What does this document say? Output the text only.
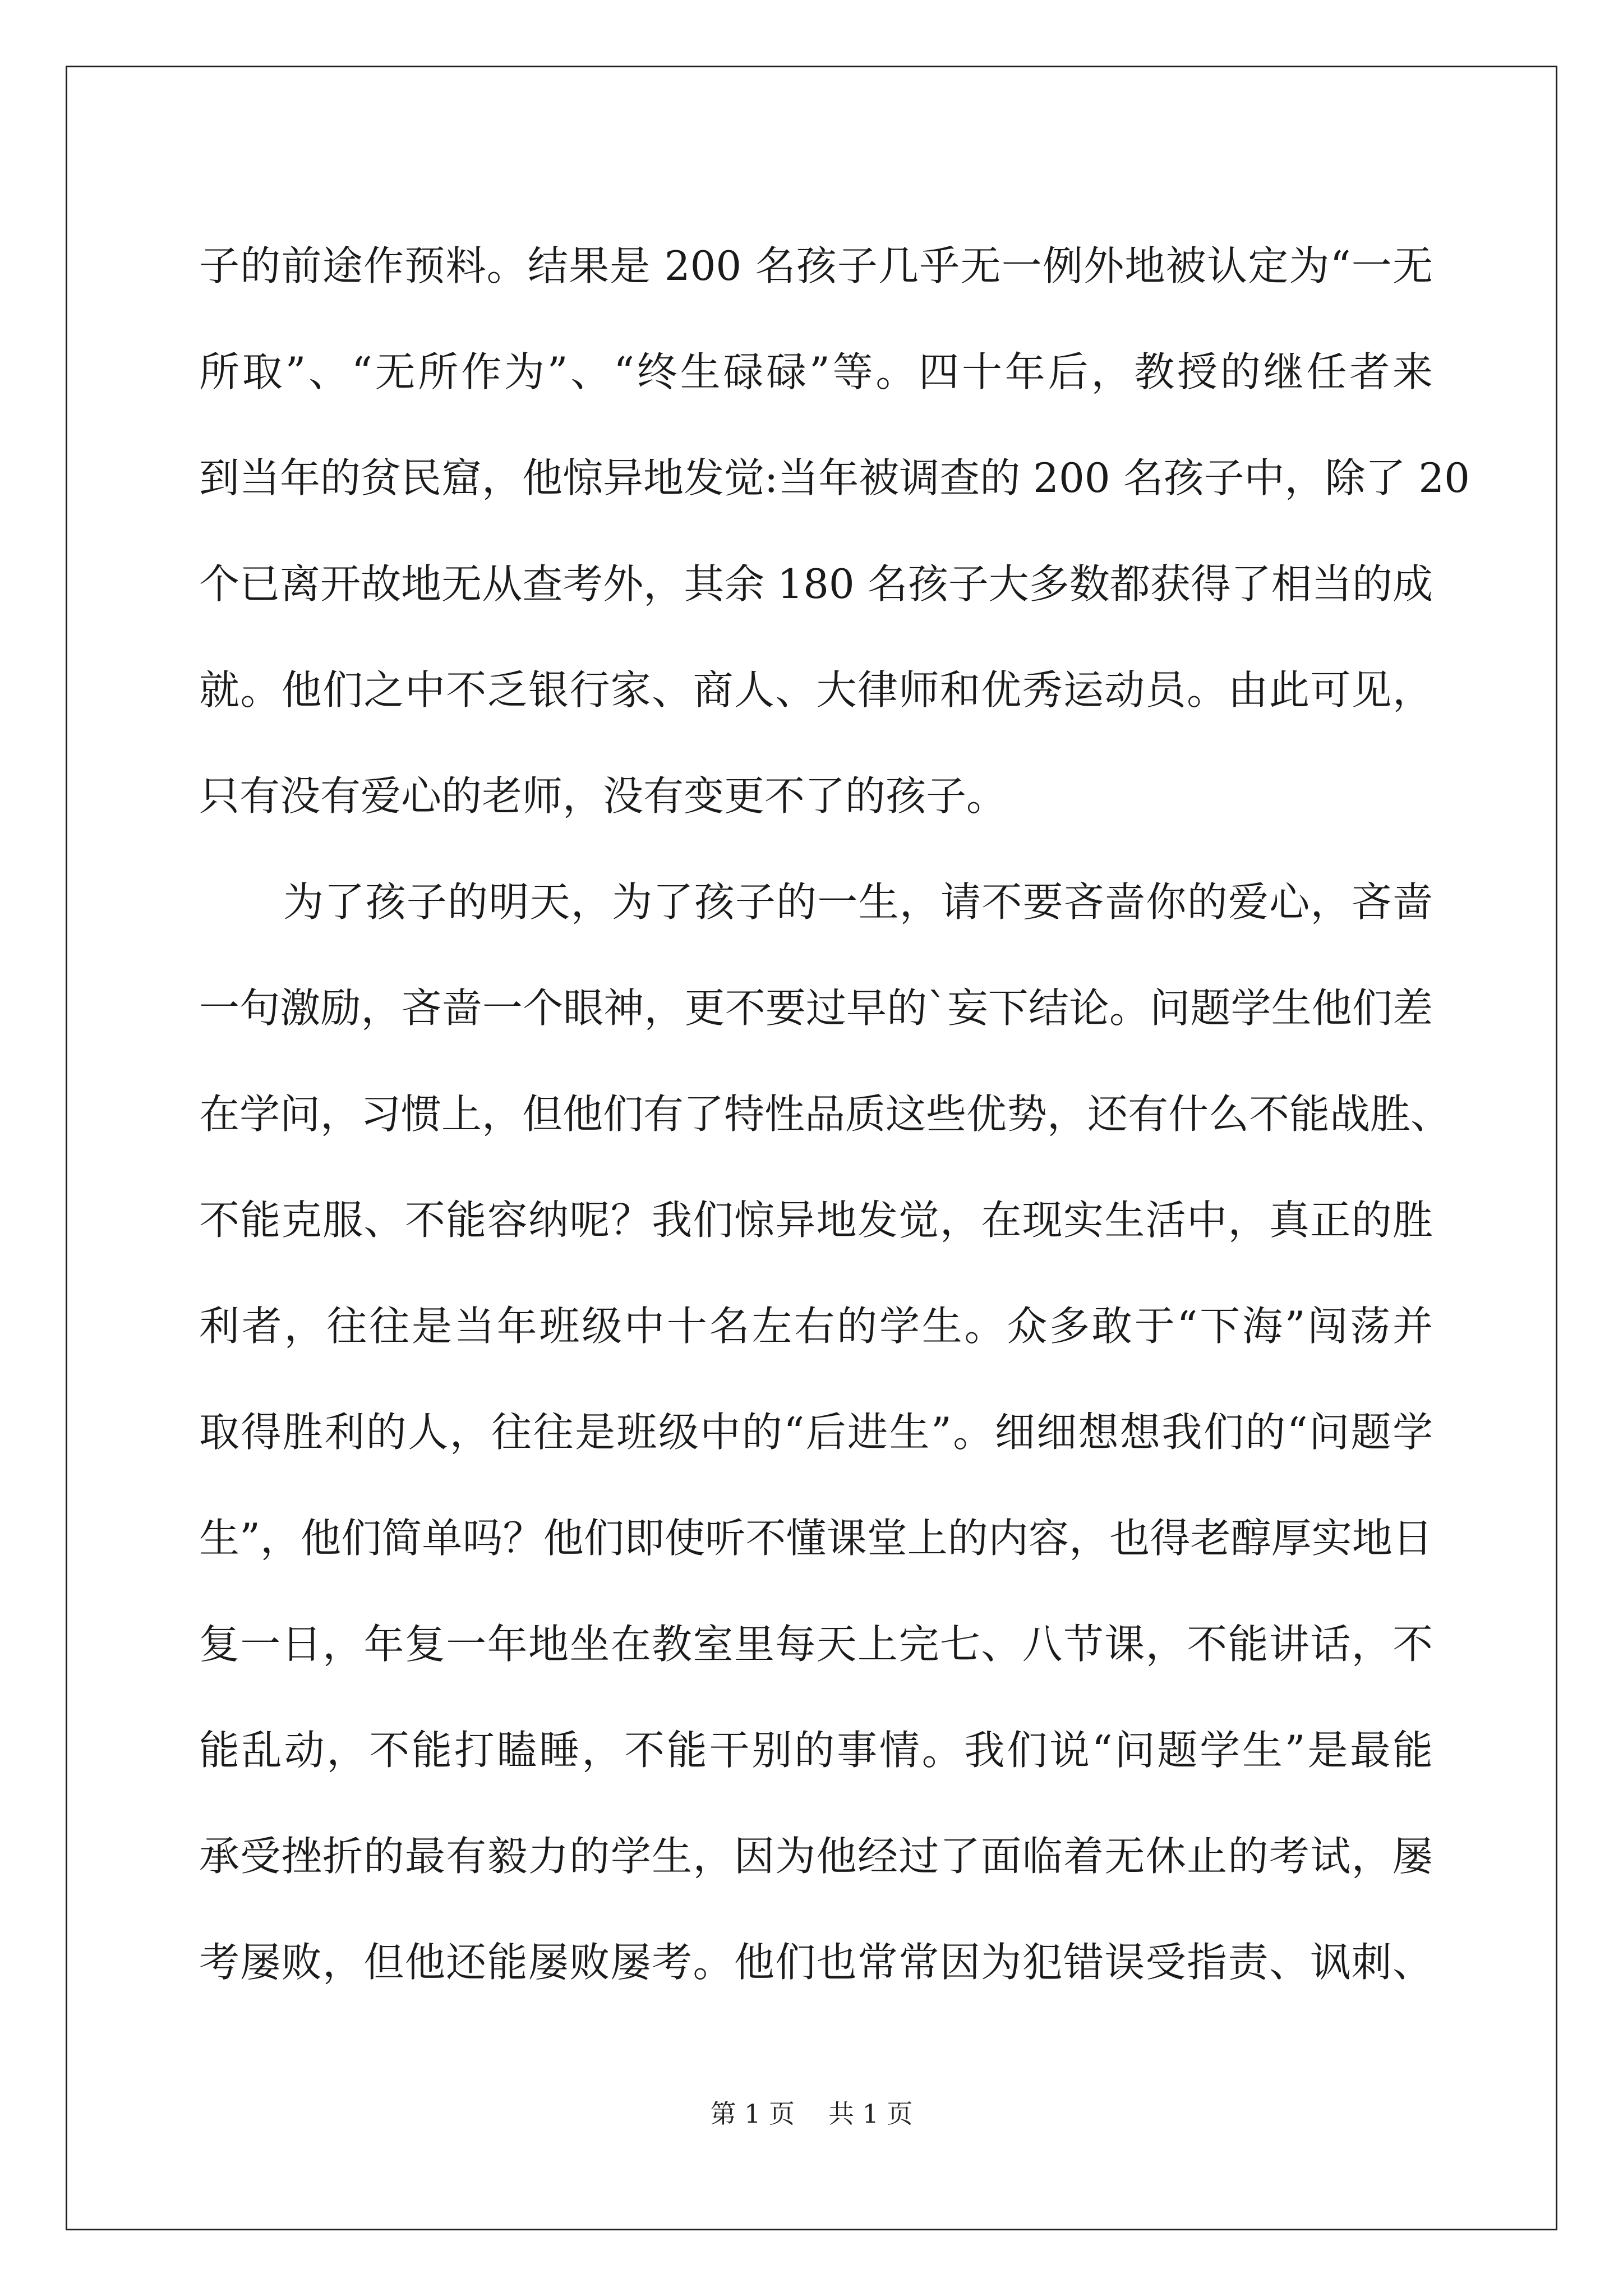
子的前途作预料。结果是 200 名孩子几乎无一例外地被认定为“一无
所取”、“无所作为”、“终生碌碌”等。四十年后，教授的继任者来
到当年的贫民窟，他惊异地发觉:当年被调查的 200 名孩子中，除了 20
个已离开故地无从查考外，其余 180 名孩子大多数都获得了相当的成
就。他们之中不乏银行家、商人、大律师和优秀运动员。由此可见，
只有没有爱心的老师，没有变更不了的孩子。
为了孩子的明天，为了孩子的一生，请不要吝啬你的爱心，吝啬
一句激励，吝啬一个眼神，更不要过早的`妄下结论。问题学生他们差
在学问，习惯上，但他们有了特性品质这些优势，还有什么不能战胜、
不能克服、不能容纳呢？我们惊异地发觉，在现实生活中，真正的胜
利者，往往是当年班级中十名左右的学生。众多敢于“下海”闯荡并
取得胜利的人，往往是班级中的“后进生”。细细想想我们的“问题学
生”，他们简单吗？他们即使听不懂课堂上的内容，也得老醇厚实地日
复一日，年复一年地坐在教室里每天上完七、八节课，不能讲话，不
能乱动，不能打瞌睡，不能干别的事情。我们说“问题学生”是最能
承受挫折的最有毅力的学生，因为他经过了面临着无休止的考试，屡
考屡败，但他还能屡败屡考。他们也常常因为犯错误受指责、讽刺、
第 1 页 共 1 页
